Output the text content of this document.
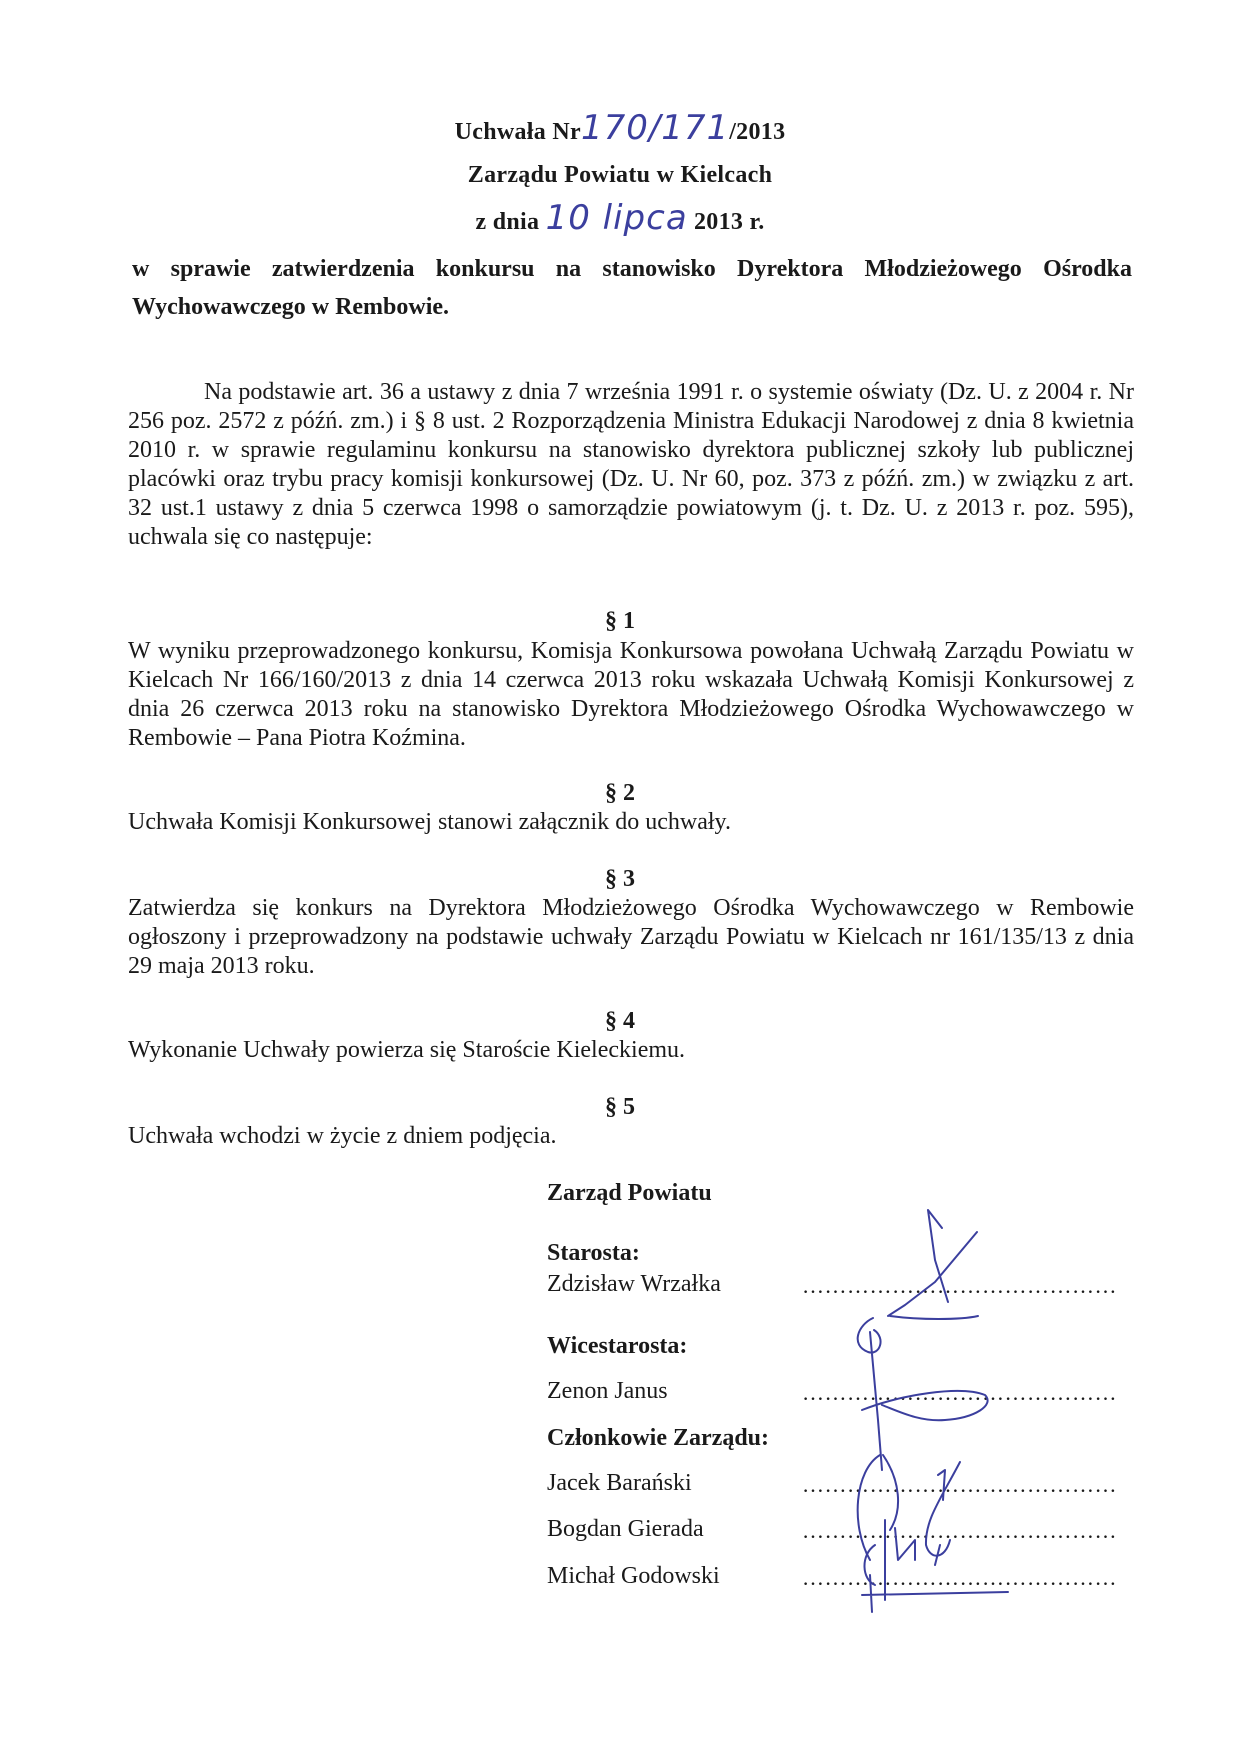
Uchwała Nr170/171/2013
Zarządu Powiatu w Kielcach
z dnia 10 lipca 2013 r.
w sprawie zatwierdzenia konkursu na stanowisko Dyrektora Młodzieżowego Ośrodka Wychowawczego w Rembowie.
Na podstawie art. 36 a ustawy z dnia 7 września 1991 r. o systemie oświaty (Dz. U. z 2004 r. Nr 256 poz. 2572 z późń. zm.) i § 8 ust. 2 Rozporządzenia Ministra Edukacji Narodowej z dnia 8 kwietnia 2010 r. w sprawie regulaminu konkursu na stanowisko dyrektora publicznej szkoły lub publicznej placówki oraz trybu pracy komisji konkursowej (Dz. U. Nr 60, poz. 373 z późń. zm.) w związku z art. 32 ust.1 ustawy z dnia 5 czerwca 1998 o samorządzie powiatowym (j. t. Dz. U. z 2013 r. poz. 595), uchwala się co następuje:
§ 1
W wyniku przeprowadzonego konkursu, Komisja Konkursowa powołana Uchwałą Zarządu Powiatu w Kielcach Nr 166/160/2013 z dnia 14 czerwca 2013 roku wskazała Uchwałą Komisji Konkursowej z dnia 26 czerwca 2013 roku na stanowisko Dyrektora Młodzieżowego Ośrodka Wychowawczego w Rembowie – Pana Piotra Koźmina.
§ 2
Uchwała Komisji Konkursowej stanowi załącznik do uchwały.
§ 3
Zatwierdza się konkurs na Dyrektora Młodzieżowego Ośrodka Wychowawczego w Rembowie ogłoszony i przeprowadzony na podstawie uchwały Zarządu Powiatu w Kielcach nr 161/135/13 z dnia 29 maja 2013 roku.
§ 4
Wykonanie Uchwały powierza się Staroście Kieleckiemu.
§ 5
Uchwała wchodzi w życie z dniem podjęcia.
Zarząd Powiatu
Starosta:
Zdzisław Wrzałka	……………………………………
Wicestarosta:
Zenon Janus	……………………………………
Członkowie Zarządu:
Jacek Barański	……………………………………
Bogdan Gierada	……………………………………
Michał Godowski	……………………………………
